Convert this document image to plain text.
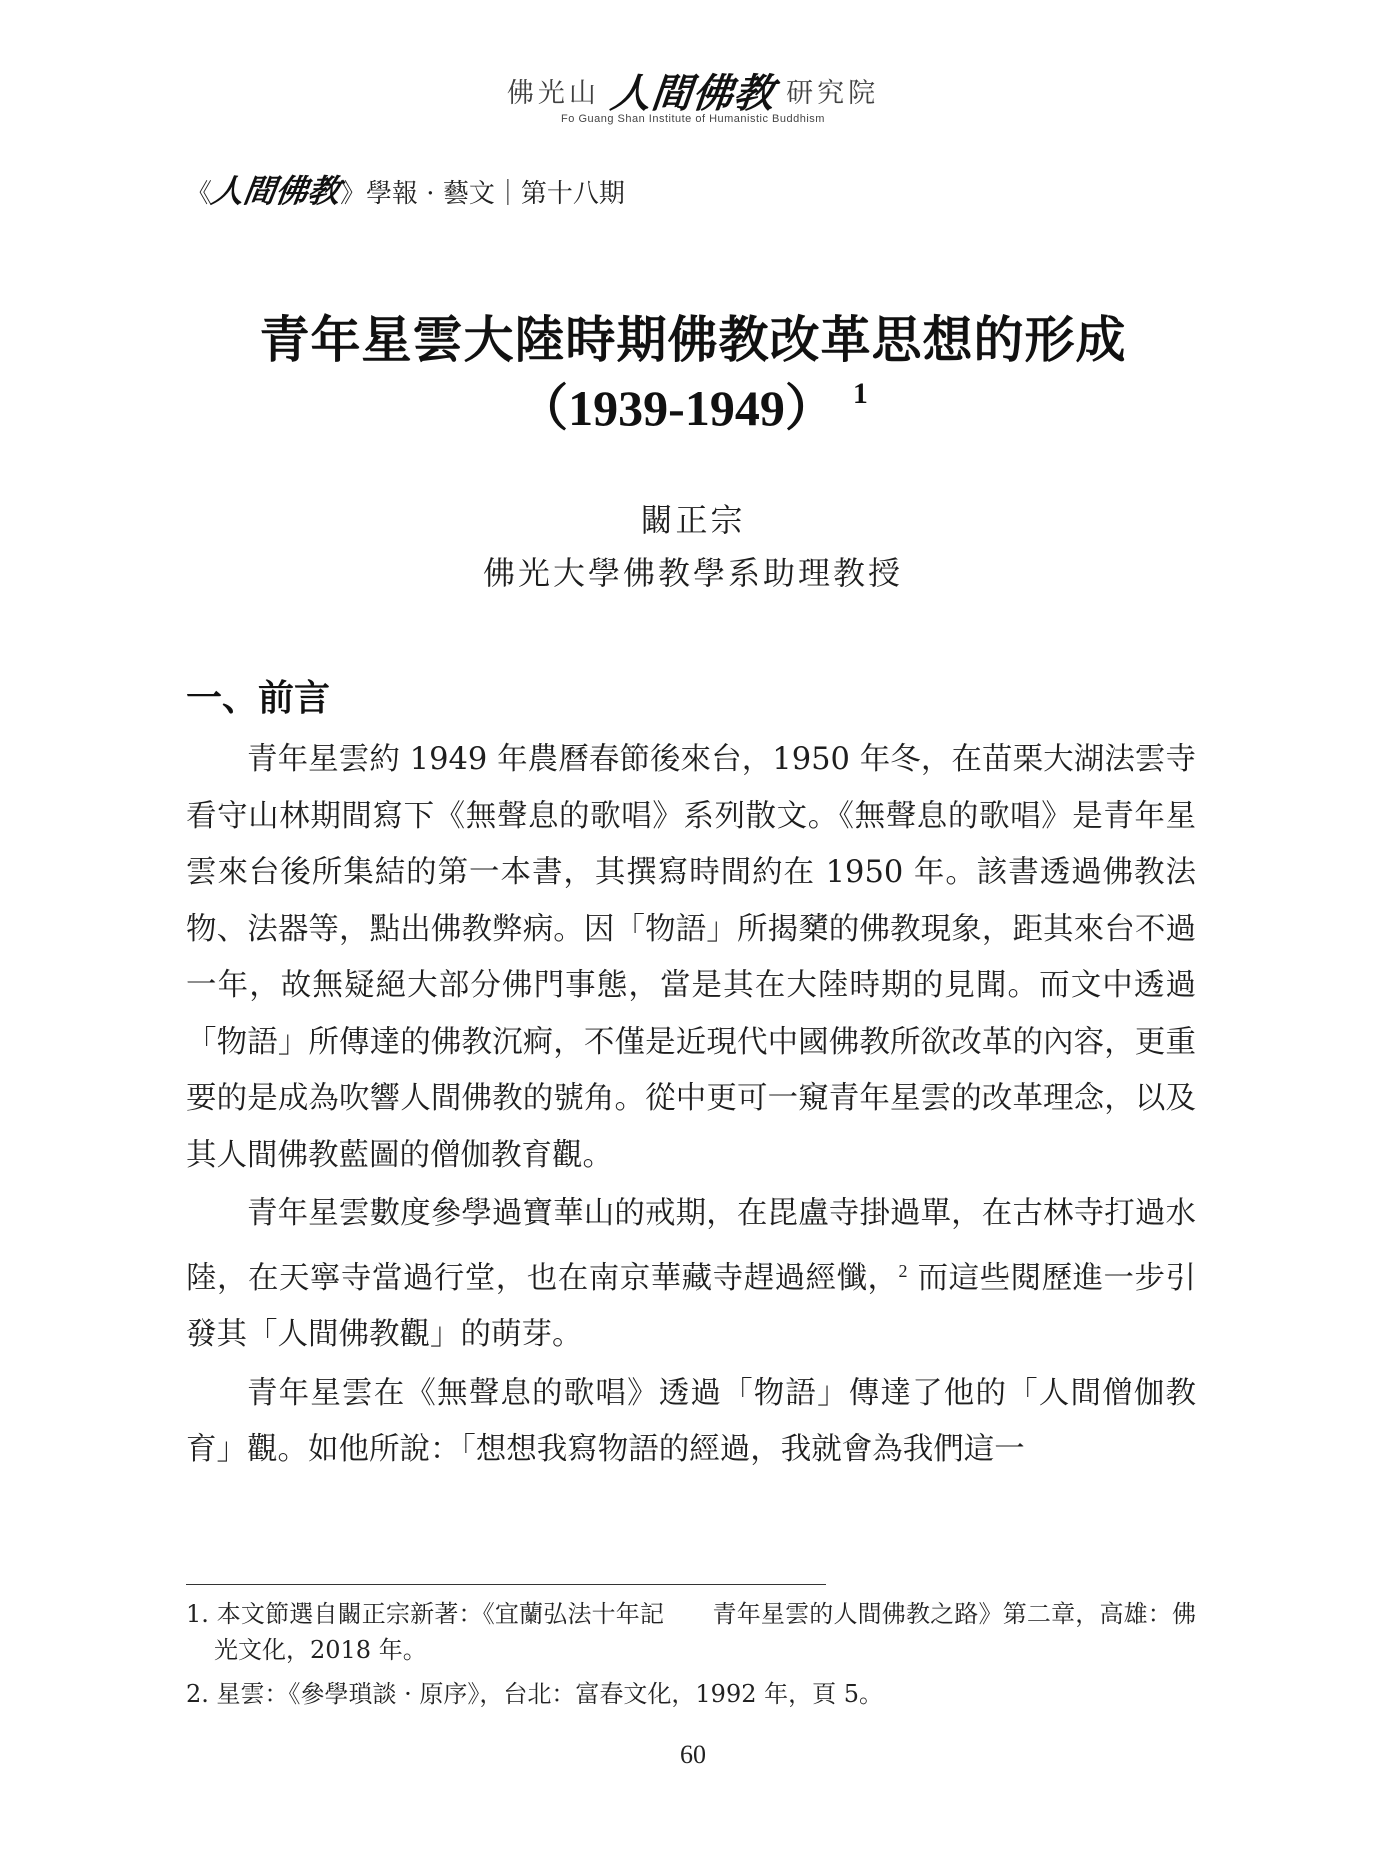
佛光山 人間佛教 研究院
Fo Guang Shan Institute of Humanistic Buddhism
《人間佛教》學報 · 藝文｜第十八期
青年星雲大陸時期佛教改革思想的形成
（1939-1949） $^1$
闞正宗
佛光大學佛教學系助理教授
一、前言

青年星雲約 1949 年農曆春節後來台，1950 年冬，在苗栗大湖法雲寺看守山林期間寫下《無聲息的歌唱》系列散文。《無聲息的歌唱》是青年星雲來台後所集結的第一本書，其撰寫時間約在 1950 年。該書透過佛教法物、法器等，點出佛教弊病。因「物語」所揭櫫的佛教現象，距其來台不過一年，故無疑絕大部分佛門事態，當是其在大陸時期的見聞。而文中透過「物語」所傳達的佛教沉痾，不僅是近現代中國佛教所欲改革的內容，更重要的是成為吹響人間佛教的號角。從中更可一窺青年星雲的改革理念，以及其人間佛教藍圖的僧伽教育觀。

青年星雲數度參學過寶華山的戒期，在毘盧寺掛過單，在古林寺打過水陸，在天寧寺當過行堂，也在南京華藏寺趕過經懺，$^2$ 而這些閱歷進一步引發其「人間佛教觀」的萌芽。

青年星雲在《無聲息的歌唱》透過「物語」傳達了他的「人間僧伽教育」觀。如他所說：「想想我寫物語的經過，我就會為我們這一

1. 本文節選自闞正宗新著：《宜蘭弘法十年記　　青年星雲的人間佛教之路》第二章，高雄：佛光文化，2018 年。
2. 星雲：《參學瑣談 · 原序》，台北：富春文化，1992 年，頁 5。
60
